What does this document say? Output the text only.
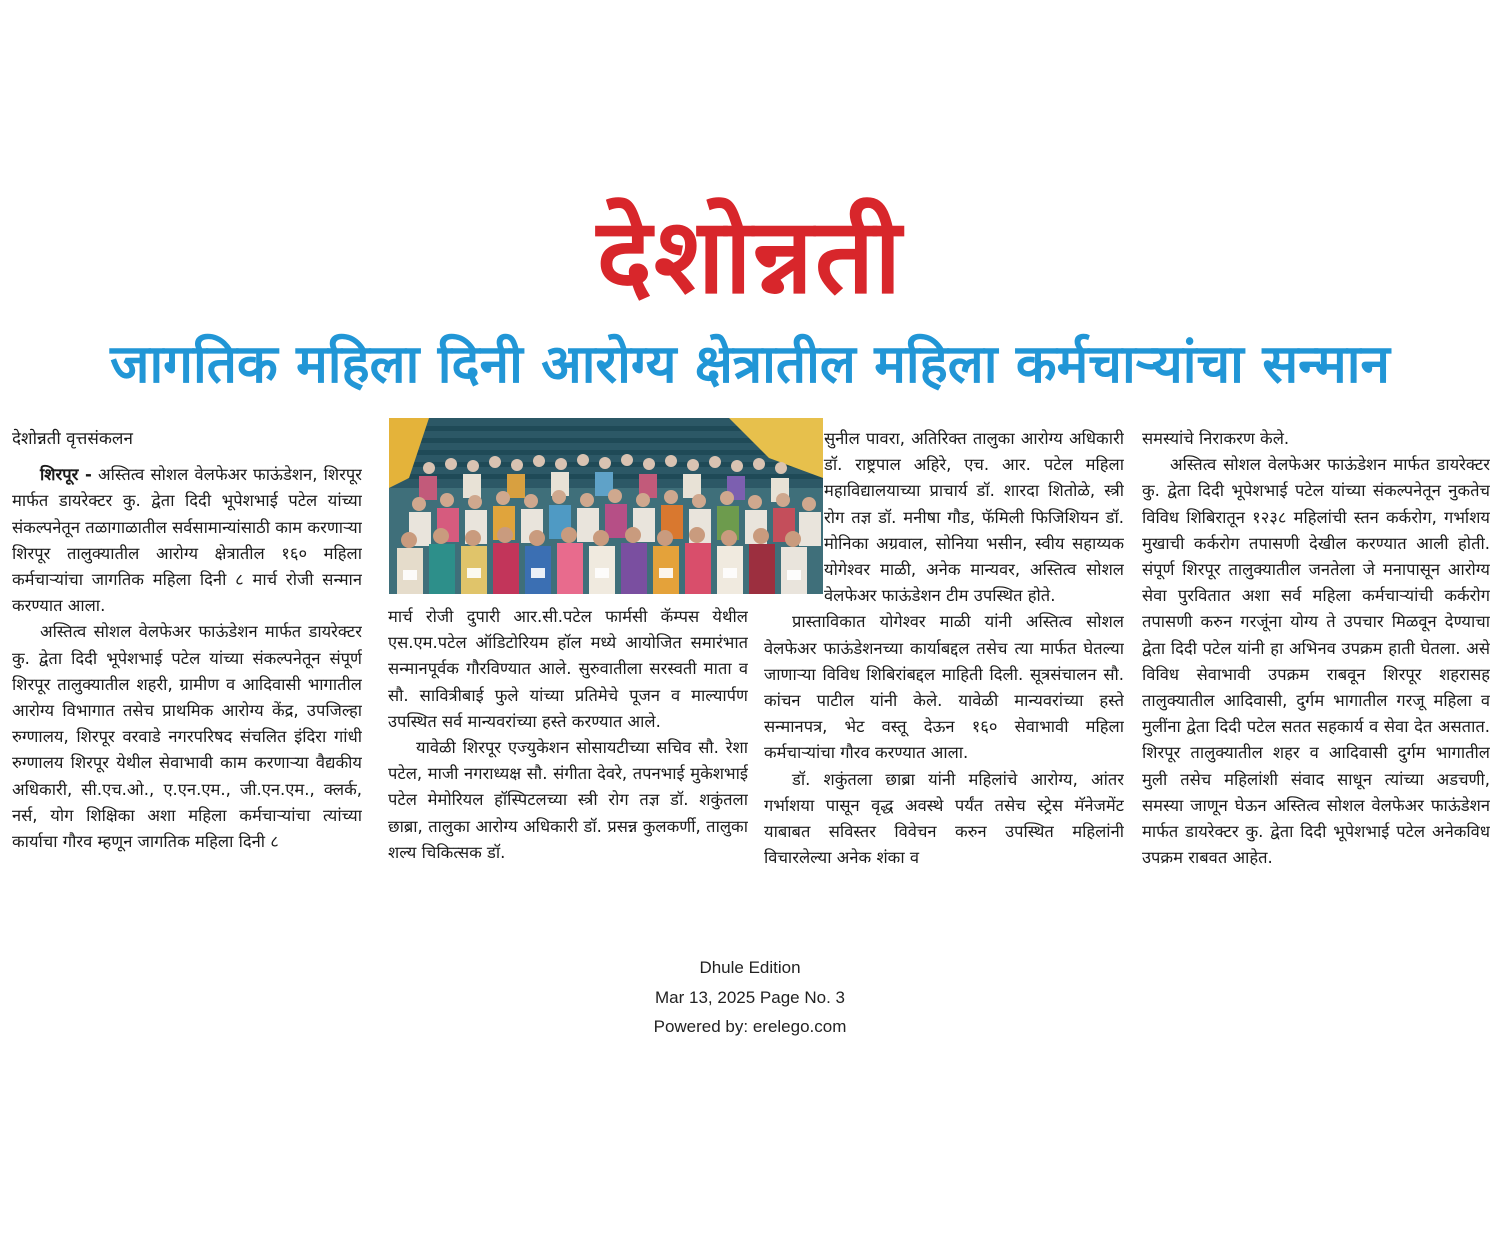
देशोन्नती
जागतिक महिला दिनी आरोग्य क्षेत्रातील महिला कर्मचाऱ्यांचा सन्मान
देशोन्नती वृत्तसंकलन

शिरपूर - अस्तित्व सोशल वेलफेअर फाऊंडेशन, शिरपूर मार्फत डायरेक्टर कु. द्वेता दिदी भूपेशभाई पटेल यांच्या संकल्पनेतून तळागाळातील सर्वसामान्यांसाठी काम करणाऱ्या शिरपूर तालुक्यातील आरोग्य क्षेत्रातील १६० महिला कर्मचाऱ्यांचा जागतिक महिला दिनी ८ मार्च रोजी सन्मान करण्यात आला.

अस्तित्व सोशल वेलफेअर फाऊंडेशन मार्फत डायरेक्टर कु. द्वेता दिदी भूपेशभाई पटेल यांच्या संकल्पनेतून संपूर्ण शिरपूर तालुक्यातील शहरी, ग्रामीण व आदिवासी भागातील आरोग्य विभागात तसेच प्राथमिक आरोग्य केंद्र, उपजिल्हा रुग्णालय, शिरपूर वरवाडे नगरपरिषद संचलित इंदिरा गांधी रुग्णालय शिरपूर येथील सेवाभावी काम करणाऱ्या वैद्यकीय अधिकारी, सी.एच.ओ., ए.एन.एम., जी.एन.एम., क्लर्क, नर्स, योग शिक्षिका अशा महिला कर्मचाऱ्यांचा त्यांच्या कार्याचा गौरव म्हणून जागतिक महिला दिनी ८

मार्च रोजी दुपारी आर.सी.पटेल फार्मसी कॅम्पस येथील एस.एम.पटेल ऑडिटोरियम हॉल मध्ये आयोजित समारंभात सन्मानपूर्वक गौरविण्यात आले. सुरुवातीला सरस्वती माता व सौ. सावित्रीबाई फुले यांच्या प्रतिमेचे पूजन व माल्यार्पण उपस्थित सर्व मान्यवरांच्या हस्ते करण्यात आले.

यावेळी शिरपूर एज्युकेशन सोसायटीच्या सचिव सौ. रेशा पटेल, माजी नगराध्यक्ष सौ. संगीता देवरे, तपनभाई मुकेशभाई पटेल मेमोरियल हॉस्पिटलच्या स्त्री रोग तज्ञ डॉ. शकुंतला छाब्रा, तालुका आरोग्य अधिकारी डॉ. प्रसन्न कुलकर्णी, तालुका शल्य चिकित्सक डॉ.

सुनील पावरा, अतिरिक्त तालुका आरोग्य अधिकारी डॉ. राष्ट्रपाल अहिरे, एच. आर. पटेल महिला महाविद्यालयाच्या प्राचार्य डॉ. शारदा शितोळे, स्त्री रोग तज्ञ डॉ. मनीषा गौड, फॅमिली फिजिशियन डॉ. मोनिका अग्रवाल, सोनिया भसीन, स्वीय सहाय्यक योगेश्वर माळी, अनेक मान्यवर, अस्तित्व सोशल वेलफेअर फाऊंडेशन टीम उपस्थित होते.

प्रास्ताविकात योगेश्वर माळी यांनी अस्तित्व सोशल वेलफेअर फाऊंडेशनच्या कार्याबद्दल तसेच त्या मार्फत घेतल्या जाणाऱ्या विविध शिबिरांबद्दल माहिती दिली. सूत्रसंचालन सौ. कांचन पाटील यांनी केले. यावेळी मान्यवरांच्या हस्ते सन्मानपत्र, भेट वस्तू देऊन १६० सेवाभावी महिला कर्मचाऱ्यांचा गौरव करण्यात आला.

डॉ. शकुंतला छाब्रा यांनी महिलांचे आरोग्य, आंतर गर्भाशया पासून वृद्ध अवस्थे पर्यंत तसेच स्ट्रेस मॅनेजमेंट याबाबत सविस्तर विवेचन करुन उपस्थित महिलांनी विचारलेल्या अनेक शंका व

समस्यांचे निराकरण केले.

अस्तित्व सोशल वेलफेअर फाऊंडेशन मार्फत डायरेक्टर कु. द्वेता दिदी भूपेशभाई पटेल यांच्या संकल्पनेतून नुकतेच विविध शिबिरातून १२३८ महिलांची स्तन कर्करोग, गर्भाशय मुखाची कर्करोग तपासणी देखील करण्यात आली होती. संपूर्ण शिरपूर तालुक्यातील जनतेला जे मनापासून आरोग्य सेवा पुरवितात अशा सर्व महिला कर्मचाऱ्यांची कर्करोग तपासणी करुन गरजूंना योग्य ते उपचार मिळवून देण्याचा द्वेता दिदी पटेल यांनी हा अभिनव उपक्रम हाती घेतला. असे विविध सेवाभावी उपक्रम राबवून शिरपूर शहरासह तालुक्यातील आदिवासी, दुर्गम भागातील गरजू महिला व मुलींना द्वेता दिदी पटेल सतत सहकार्य व सेवा देत असतात. शिरपूर तालुक्यातील शहर व आदिवासी दुर्गम भागातील मुली तसेच महिलांशी संवाद साधून त्यांच्या अडचणी, समस्या जाणून घेऊन अस्तित्व सोशल वेलफेअर फाऊंडेशन मार्फत डायरेक्टर कु. द्वेता दिदी भूपेशभाई पटेल अनेकविध उपक्रम राबवत आहेत.

Dhule Edition
Mar 13, 2025 Page No. 3
Powered by: erelego.com
